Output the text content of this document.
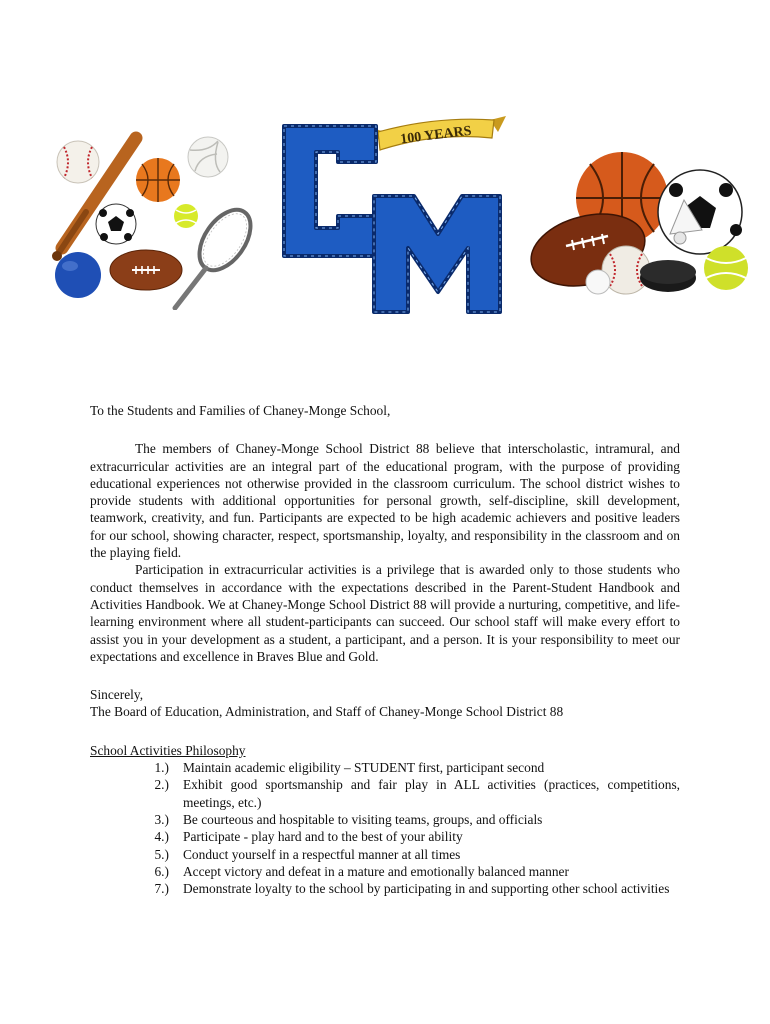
100 YEARS

To the Students and Families of Chaney-Monge School,

The members of Chaney-Monge School District 88 believe that interscholastic, intramural, and extracurricular activities are an integral part of the educational program, with the purpose of providing educational experiences not otherwise provided in the classroom curriculum. The school district wishes to provide students with additional opportunities for personal growth, self-discipline, skill development, teamwork, creativity, and fun. Participants are expected to be high academic achievers and positive leaders for our school, showing character, respect, sportsmanship, loyalty, and responsibility in the classroom and on the playing field.

Participation in extracurricular activities is a privilege that is awarded only to those students who conduct themselves in accordance with the expectations described in the Parent-Student Handbook and Activities Handbook. We at Chaney-Monge School District 88 will provide a nurturing, competitive, and life-learning environment where all student-participants can succeed. Our school staff will make every effort to assist you in your development as a student, a participant, and a person. It is your responsibility to meet our expectations and excellence in Braves Blue and Gold.

Sincerely,

The Board of Education, Administration, and Staff of Chaney-Monge School District 88

School Activities Philosophy

1.)	Maintain academic eligibility – STUDENT first, participant second
2.)	Exhibit good sportsmanship and fair play in ALL activities (practices, competitions, meetings, etc.)
3.)	Be courteous and hospitable to visiting teams, groups, and officials
4.)	Participate - play hard and to the best of your ability
5.)	Conduct yourself in a respectful manner at all times
6.)	Accept victory and defeat in a mature and emotionally balanced manner
7.)	Demonstrate loyalty to the school by participating in and supporting other school activities
